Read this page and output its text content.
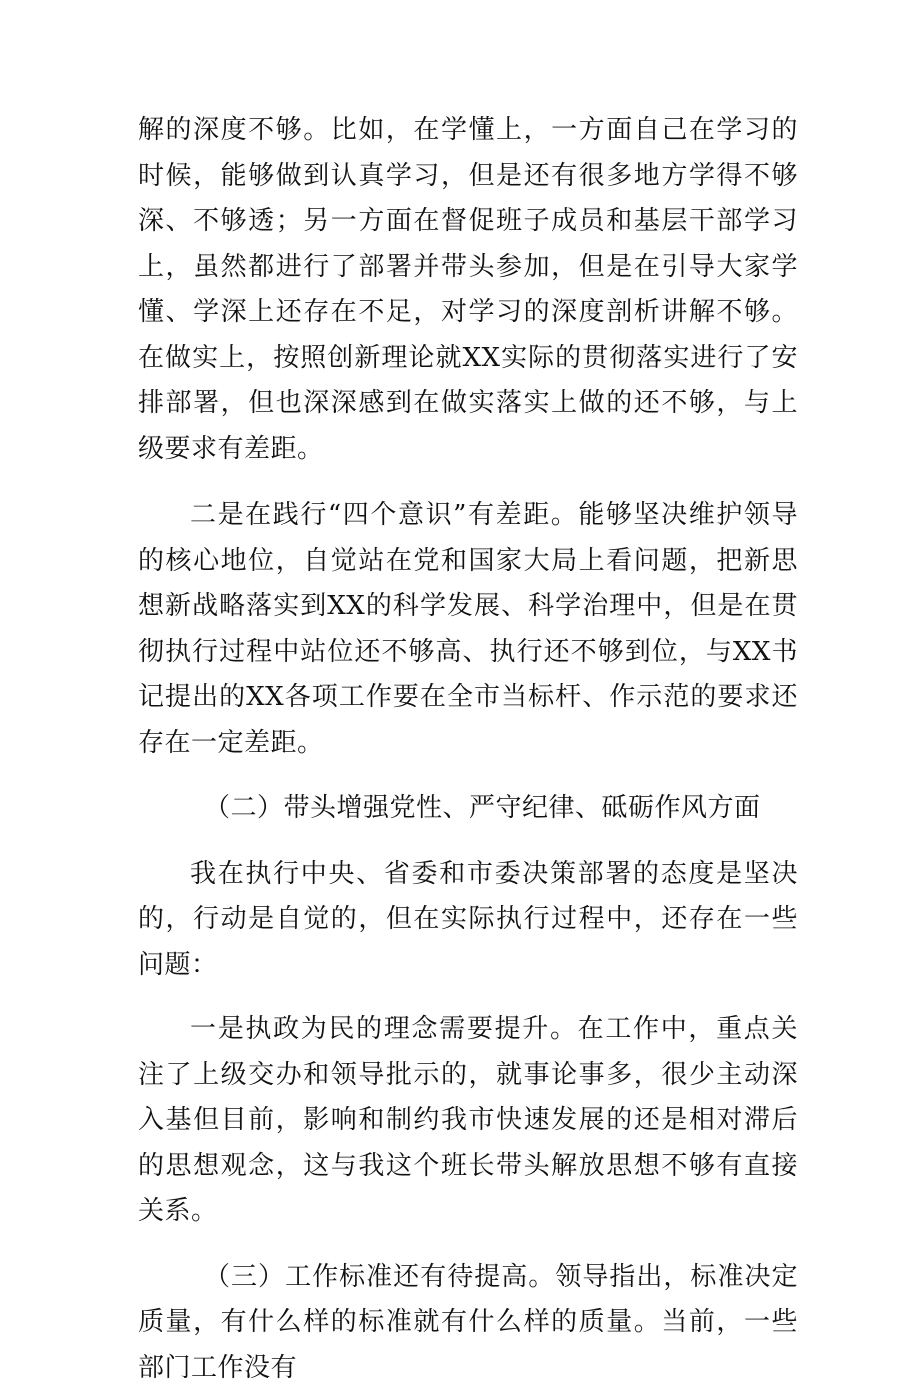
解的深度不够。比如，在学懂上，一方面自己在学习的时候，能够做到认真学习，但是还有很多地方学得不够深、不够透；另一方面在督促班子成员和基层干部学习上，虽然都进行了部署并带头参加，但是在引导大家学懂、学深上还存在不足，对学习的深度剖析讲解不够。在做实上，按照创新理论就XX实际的贯彻落实进行了安排部署，但也深深感到在做实落实上做的还不够，与上级要求有差距。

二是在践行“四个意识”有差距。能够坚决维护领导的核心地位，自觉站在党和国家大局上看问题，把新思想新战略落实到XX的科学发展、科学治理中，但是在贯彻执行过程中站位还不够高、执行还不够到位，与XX书记提出的XX各项工作要在全市当标杆、作示范的要求还存在一定差距。

（二）带头增强党性、严守纪律、砥砺作风方面

我在执行中央、省委和市委决策部署的态度是坚决的，行动是自觉的，但在实际执行过程中，还存在一些问题：

一是执政为民的理念需要提升。在工作中，重点关注了上级交办和领导批示的，就事论事多，很少主动深入基但目前，影响和制约我市快速发展的还是相对滞后的思想观念，这与我这个班长带头解放思想不够有直接关系。

（三）工作标准还有待提高。领导指出，标准决定质量，有什么样的标准就有什么样的质量。当前，一些部门工作没有
